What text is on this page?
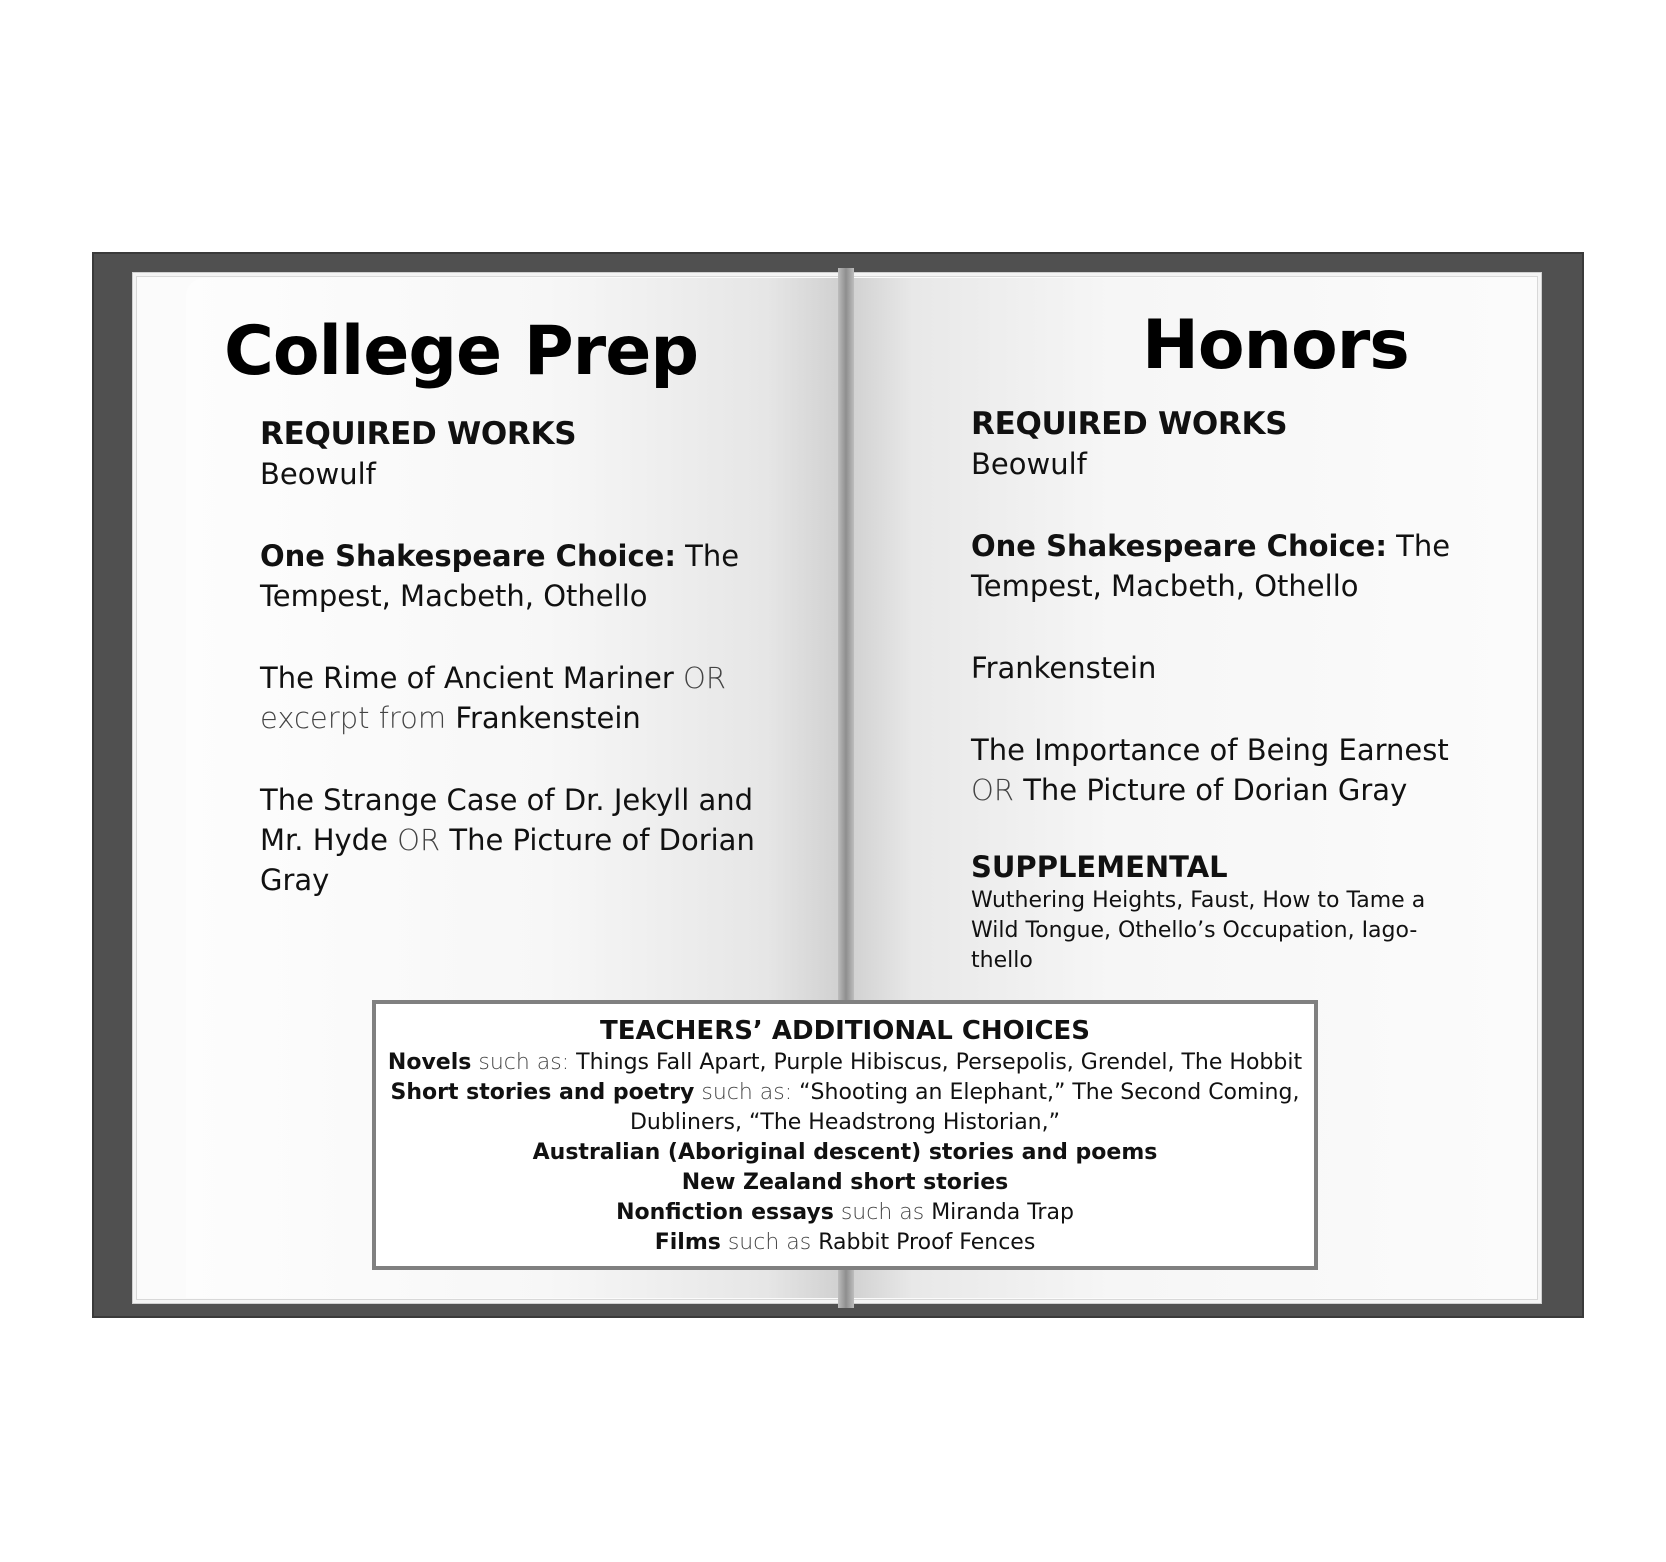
College Prep	Honors
REQUIRED WORKS
Beowulf
One Shakespeare Choice: The Tempest, Macbeth, Othello
The Rime of Ancient Mariner OR excerpt from Frankenstein
The Strange Case of Dr. Jekyll and Mr. Hyde OR The Picture of Dorian Gray
REQUIRED WORKS
Beowulf
One Shakespeare Choice: The Tempest, Macbeth, Othello
Frankenstein
The Importance of Being Earnest
OR The Picture of Dorian Gray
SUPPLEMENTAL
Wuthering Heights, Faust, How to Tame a Wild Tongue, Othello’s Occupation, Iago-thello
TEACHERS’ ADDITIONAL CHOICES
Novels such as: Things Fall Apart, Purple Hibiscus, Persepolis, Grendel, The Hobbit
Short stories and poetry such as: “Shooting an Elephant,” The Second Coming, Dubliners, “The Headstrong Historian,”
Australian (Aboriginal descent) stories and poems
New Zealand short stories
Nonfiction essays such as Miranda Trap
Films such as Rabbit Proof Fences
